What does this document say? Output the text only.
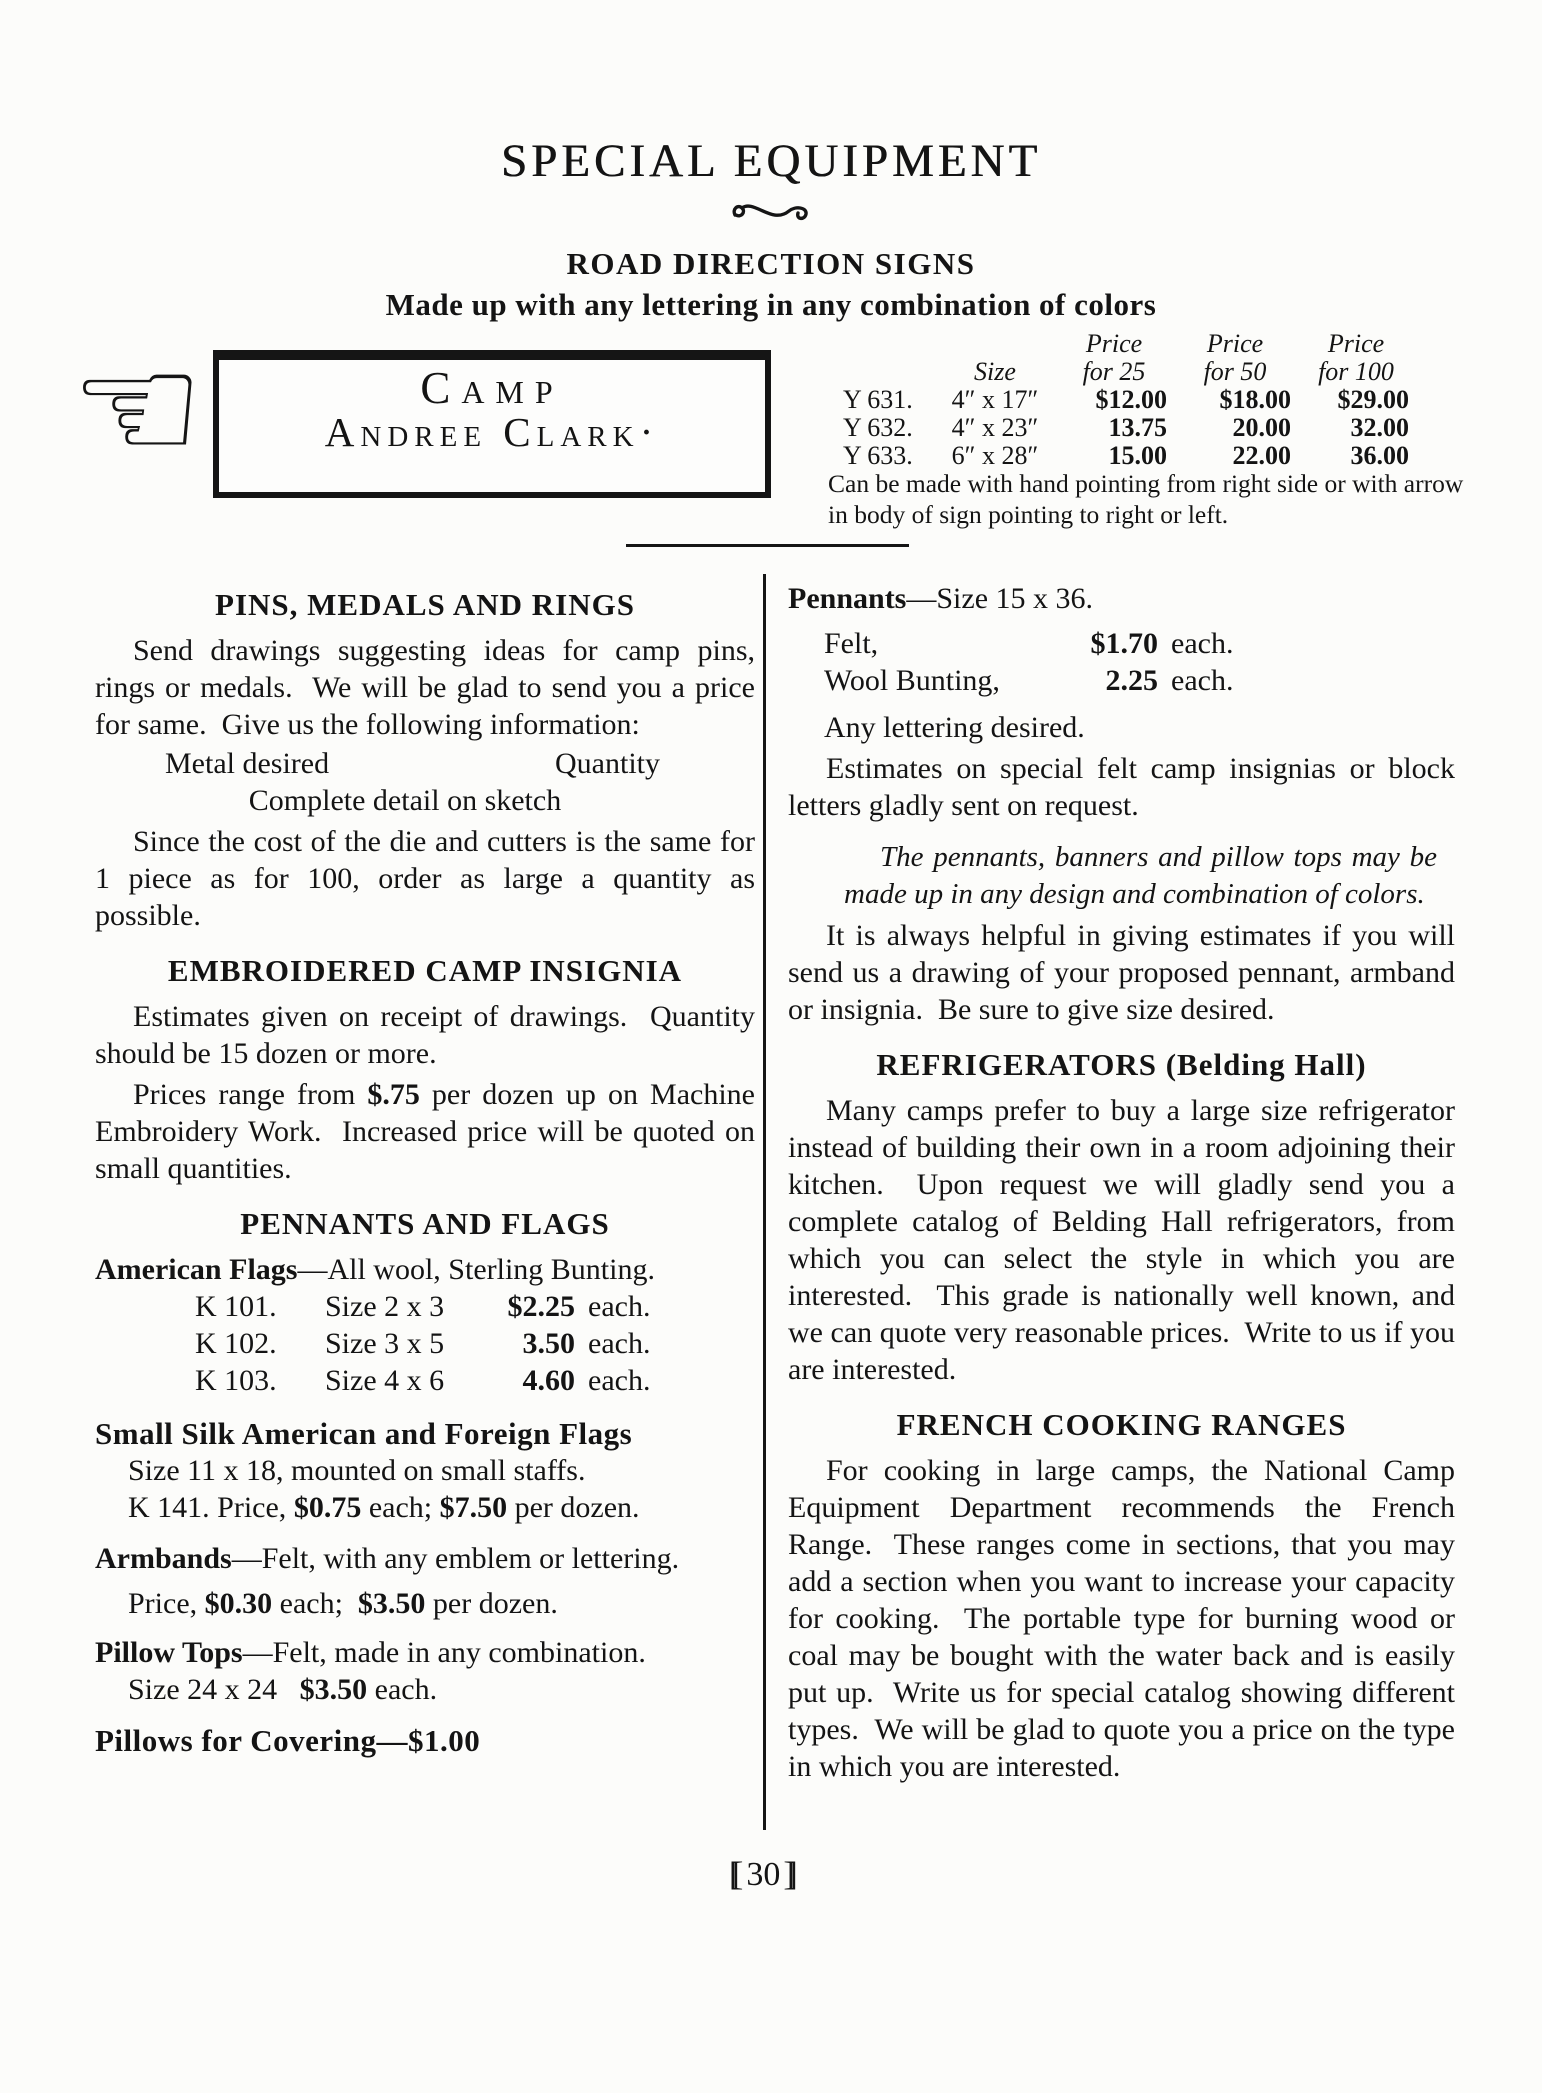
SPECIAL EQUIPMENT
ROAD DIRECTION SIGNS
Made up with any lettering in any combination of colors
☜	Camp
Andree Clark·
Price	Price	Price
Size	for 25	for 50	for 100
Y 631.	4″ x 17″	$12.00	$18.00	$29.00
Y 632.	4″ x 23″	13.75	20.00	32.00
Y 633.	6″ x 28″	15.00	22.00	36.00

Can be made with hand pointing from right side or with arrow in body of sign pointing to right or left.

PINS, MEDALS AND RINGS

Send drawings suggesting ideas for camp pins, rings or medals.  We will be glad to send you a price for same.  Give us the following information:

Metal desired	Quantity
Complete detail on sketch

Since the cost of the die and cutters is the same for 1 piece as for 100, order as large a quantity as possible.

EMBROIDERED CAMP INSIGNIA

Estimates given on receipt of drawings.  Quantity should be 15 dozen or more.

Prices range from $.75 per dozen up on Machine Embroidery Work.  Increased price will be quoted on small quantities.

PENNANTS AND FLAGS

American Flags—All wool, Sterling Bunting.

K 101.	Size 2 x 3	$2.25 each.
K 102.	Size 3 x 5	3.50 each.
K 103.	Size 4 x 6	4.60 each.
Small Silk American and Foreign Flags
Size 11 x 18, mounted on small staffs.
K 141. Price, $0.75 each; $7.50 per dozen.

Armbands—Felt, with any emblem or lettering.

Price, $0.30 each;  $3.50 per dozen.

Pillow Tops—Felt, made in any combination.

Size 24 x 24   $3.50 each.
Pillows for Covering—$1.00

Pennants—Size 15 x 36.

Felt,	$1.70 each.
Wool Bunting,	2.25 each.
Any lettering desired.

Estimates on special felt camp insignias or block letters gladly sent on request.

The pennants, banners and pillow tops may be made up in any design and combination of colors.

It is always helpful in giving estimates if you will send us a drawing of your proposed pennant, armband or insignia.  Be sure to give size desired.

REFRIGERATORS (Belding Hall)

Many camps prefer to buy a large size refrigerator instead of building their own in a room adjoining their kitchen.  Upon request we will gladly send you a complete catalog of Belding Hall refrigerators, from which you can select the style in which you are interested.  This grade is nationally well known, and we can quote very reasonable prices.  Write to us if you are interested.

FRENCH COOKING RANGES

For cooking in large camps, the National Camp Equipment Department recommends the French Range.  These ranges come in sections, that you may add a section when you want to increase your capacity for cooking.  The portable type for burning wood or coal may be bought with the water back and is easily put up.  Write us for special catalog showing different types.  We will be glad to quote you a price on the type in which you are interested.

[ 30 ]
